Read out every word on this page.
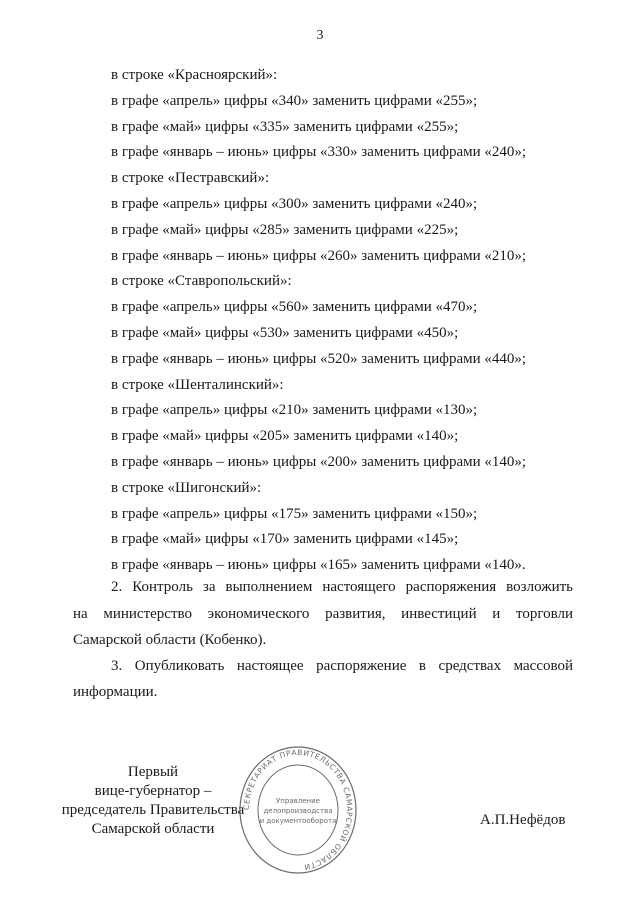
3
в строке «Красноярский»:
в графе «апрель» цифры «340» заменить цифрами «255»;
в графе «май» цифры «335» заменить цифрами «255»;
в графе «январь – июнь» цифры «330» заменить цифрами «240»;
в строке «Пестравский»:
в графе «апрель» цифры «300» заменить цифрами «240»;
в графе «май» цифры «285» заменить цифрами «225»;
в графе «январь – июнь» цифры «260» заменить цифрами «210»;
в строке «Ставропольский»:
в графе «апрель» цифры «560» заменить цифрами «470»;
в графе «май» цифры «530» заменить цифрами «450»;
в графе «январь – июнь» цифры «520» заменить цифрами «440»;
в строке «Шенталинский»:
в графе «апрель» цифры «210» заменить цифрами «130»;
в графе «май» цифры «205» заменить цифрами «140»;
в графе «январь – июнь» цифры «200» заменить цифрами «140»;
в строке «Шигонский»:
в графе «апрель» цифры «175» заменить цифрами «150»;
в графе «май» цифры «170» заменить цифрами «145»;
в графе «январь – июнь» цифры «165» заменить цифрами «140».
2. Контроль за выполнением настоящего распоряжения возложить
на министерство экономического развития, инвестиций и торговли
Самарской области (Кобенко).
3. Опубликовать настоящее распоряжение в средствах массовой
информации.
Первый
вице-губернатор –
председатель Правительства
Самарской области
СЕКРЕТАРИАТ ПРАВИТЕЛЬСТВА САМАРСКОЙ ОБЛАСТИ
Управление
делопроизводства
и документооборота	А.П.Нефёдов
